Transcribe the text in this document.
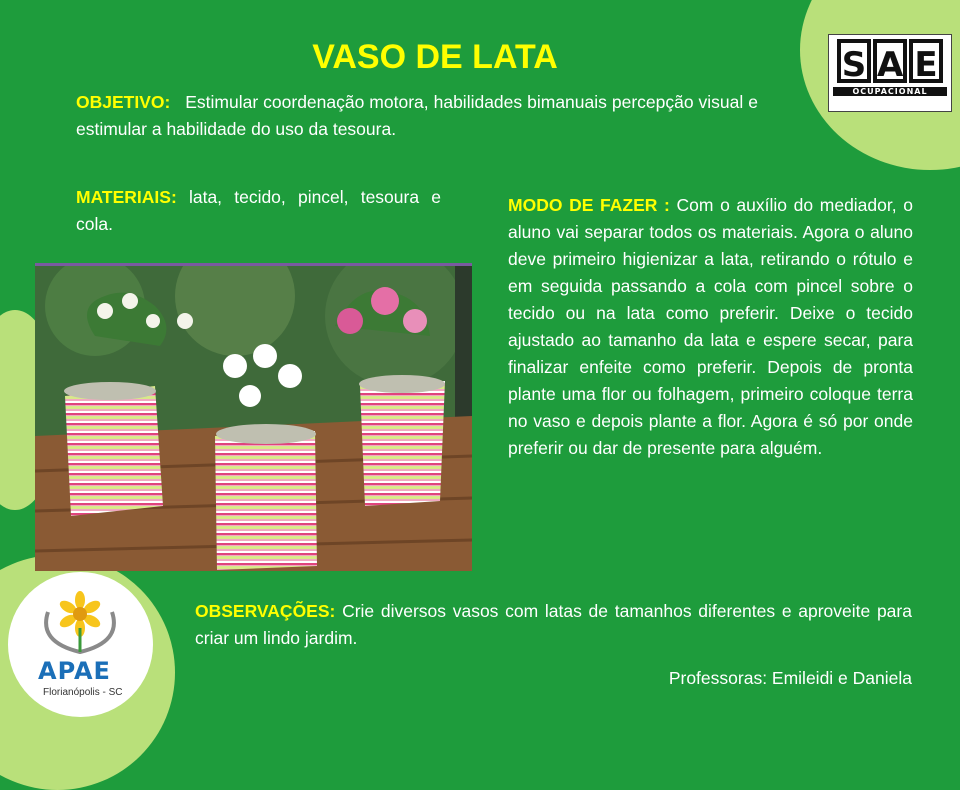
VASO DE LATA

OBJETIVO: Estimular coordenação motora, habilidades bimanuais percepção visual e estimular a habilidade do uso da tesoura.

MATERIAIS: lata, tecido, pincel, tesoura e cola.

MODO DE FAZER : Com o auxílio do mediador, o aluno vai separar todos os materiais. Agora o aluno deve primeiro higienizar a lata, retirando o rótulo e em seguida passando a cola com pincel sobre o tecido ou na lata como preferir. Deixe o tecido ajustado ao tamanho da lata e espere secar, para finalizar enfeite como preferir. Depois de pronta plante uma flor ou folhagem, primeiro coloque terra no vaso e depois plante a flor. Agora é só por onde preferir ou dar de presente para alguém.

OBSERVAÇÕES: Crie diversos vasos com latas de tamanhos diferentes e aproveite para criar um lindo jardim.

Professoras: Emileidi e Daniela

S A E
OCUPACIONAL

APAE

Florianópolis - SC
